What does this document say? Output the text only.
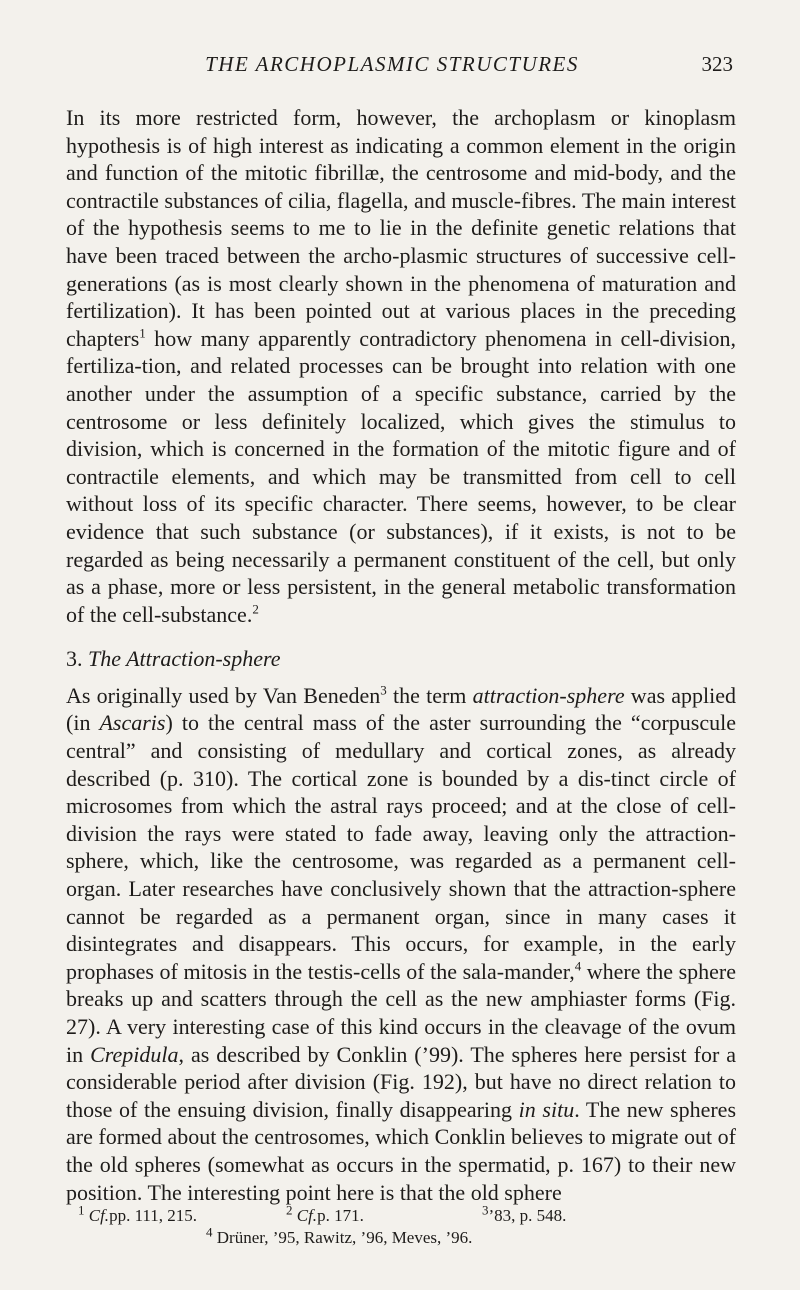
THE ARCHOPLASMIC STRUCTURES	323

In its more restricted form, however, the archoplasm or kinoplasm hypothesis is of high interest as indicating a common element in the origin and function of the mitotic fibrillæ, the centrosome and mid-body, and the contractile substances of cilia, flagella, and muscle-fibres. The main interest of the hypothesis seems to me to lie in the definite genetic relations that have been traced between the archo-plasmic structures of successive cell-generations (as is most clearly shown in the phenomena of maturation and fertilization). It has been pointed out at various places in the preceding chapters$^1$ how many apparently contradictory phenomena in cell-division, fertiliza-tion, and related processes can be brought into relation with one another under the assumption of a specific substance, carried by the centrosome or less definitely localized, which gives the stimulus to division, which is concerned in the formation of the mitotic figure and of contractile elements, and which may be transmitted from cell to cell without loss of its specific character. There seems, however, to be clear evidence that such substance (or substances), if it exists, is not to be regarded as being necessarily a permanent constituent of the cell, but only as a phase, more or less persistent, in the general metabolic transformation of the cell-substance.$^2$

3. The Attraction-sphere

As originally used by Van Beneden$^3$ the term attraction-sphere was applied (in Ascaris) to the central mass of the aster surrounding the “corpuscule central” and consisting of medullary and cortical zones, as already described (p. 310). The cortical zone is bounded by a dis-tinct circle of microsomes from which the astral rays proceed; and at the close of cell-division the rays were stated to fade away, leaving only the attraction-sphere, which, like the centrosome, was regarded as a permanent cell-organ. Later researches have conclusively shown that the attraction-sphere cannot be regarded as a permanent organ, since in many cases it disintegrates and disappears. This occurs, for example, in the early prophases of mitosis in the testis-cells of the sala-mander,$^4$ where the sphere breaks up and scatters through the cell as the new amphiaster forms (Fig. 27). A very interesting case of this kind occurs in the cleavage of the ovum in Crepidula, as described by Conklin (’99). The spheres here persist for a considerable period after division (Fig. 192), but have no direct relation to those of the ensuing division, finally disappearing in situ. The new spheres are formed about the centrosomes, which Conklin believes to migrate out of the old spheres (somewhat as occurs in the spermatid, p. 167) to their new position. The interesting point here is that the old sphere

$^1$ Cf.pp. 111, 215.	$^2$ Cf.p. 171.	$^3$’83, p. 548.
$^4$ Drüner, ’95, Rawitz, ’96, Meves, ’96.
